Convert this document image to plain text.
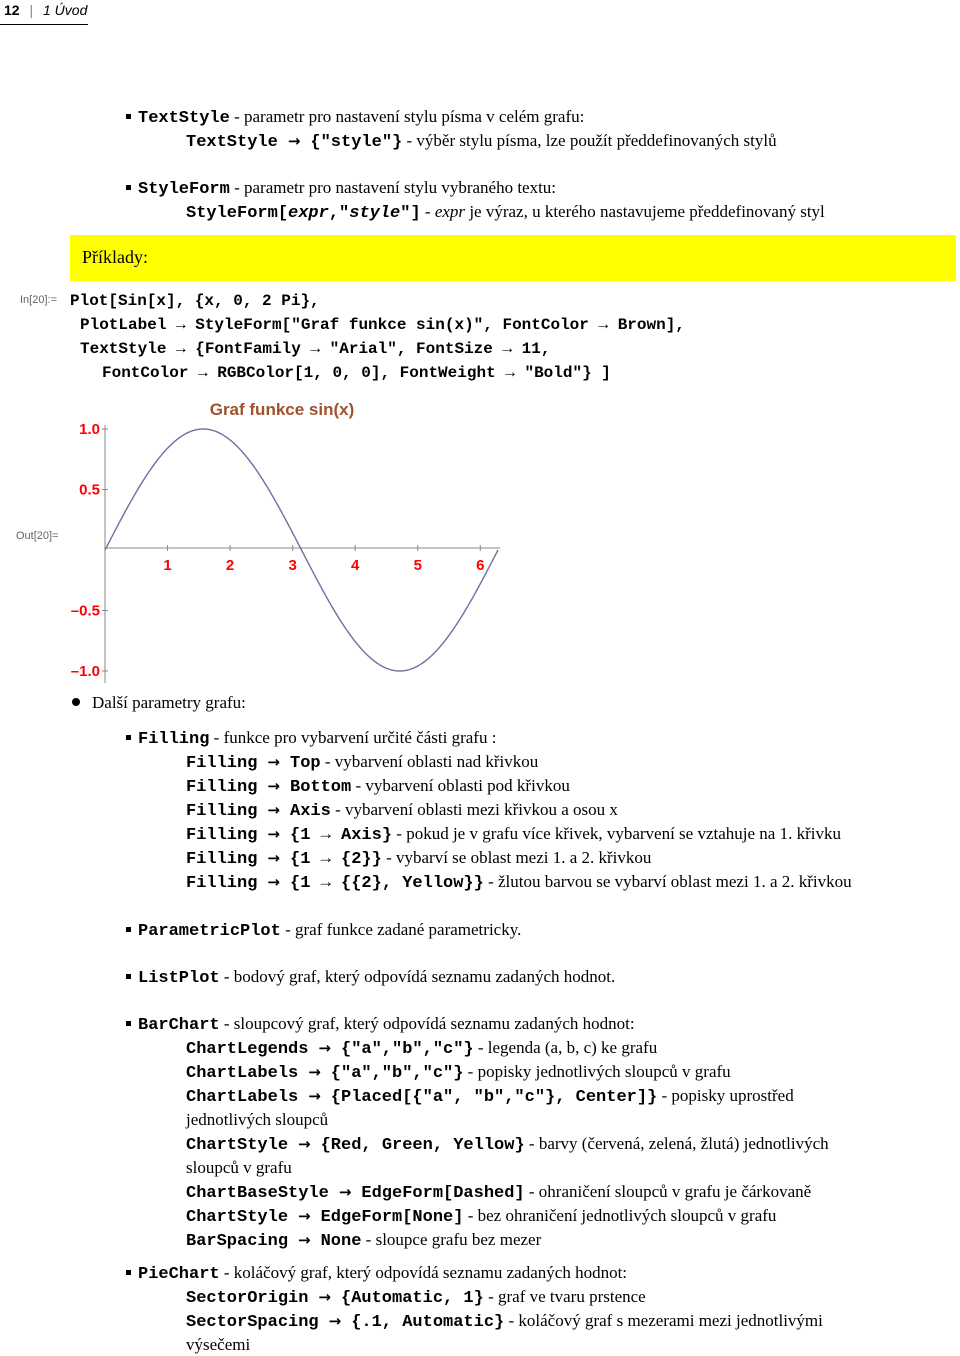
12 | 1 Úvod
TextStyle - parametr pro nastavení stylu písma v celém grafu:
TextStyle → {"style"} - výběr stylu písma, lze použít předdefinovaných stylů
StyleForm - parametr pro nastavení stylu vybraného textu:
StyleForm[expr,"style"] - expr je výraz, u kterého nastavujeme předdefinovaný styl
Příklady:
In[20]:= Plot[Sin[x], {x, 0, 2 Pi},
PlotLabel → StyleForm["Graf funkce sin(x)", FontColor → Brown],
TextStyle → {FontFamily → "Arial", FontSize → 11,
FontColor → RGBColor[1, 0, 0], FontWeight → "Bold"} ]
Out[20]=
Graf funkce sin(x)
1	2	3	4	5	6
1.0
0.5
–0.5
–1.0
Další parametry grafu:
Filling - funkce pro vybarvení určité části grafu :
Filling → Top - vybarvení oblasti nad křivkou
Filling → Bottom - vybarvení oblasti pod křivkou
Filling → Axis - vybarvení oblasti mezi křivkou a osou x
Filling → {1 → Axis} - pokud je v grafu více křivek, vybarvení se vztahuje na 1. křivku
Filling → {1 → {2}} - vybarví se oblast mezi 1. a 2. křivkou
Filling → {1 → {{2}, Yellow}} - žlutou barvou se vybarví oblast mezi 1. a 2. křivkou
ParametricPlot - graf funkce zadané parametricky.
ListPlot - bodový graf, který odpovídá seznamu zadaných hodnot.
BarChart - sloupcový graf, který odpovídá seznamu zadaných hodnot:
ChartLegends → {"a","b","c"} - legenda (a, b, c) ke grafu
ChartLabels → {"a","b","c"} - popisky jednotlivých sloupců v grafu
ChartLabels → {Placed[{"a", "b","c"}, Center]} - popisky uprostřed
jednotlivých sloupců
ChartStyle → {Red, Green, Yellow} - barvy (červená, zelená, žlutá) jednotlivých
sloupců v grafu
ChartBaseStyle → EdgeForm[Dashed] - ohraničení sloupců v grafu je čárkovaně
ChartStyle → EdgeForm[None] - bez ohraničení jednotlivých sloupců v grafu
BarSpacing → None - sloupce grafu bez mezer
PieChart - koláčový graf, který odpovídá seznamu zadaných hodnot:
SectorOrigin → {Automatic, 1} - graf ve tvaru prstence
SectorSpacing → {.1, Automatic} - koláčový graf s mezerami mezi jednotlivými
výsečemi
